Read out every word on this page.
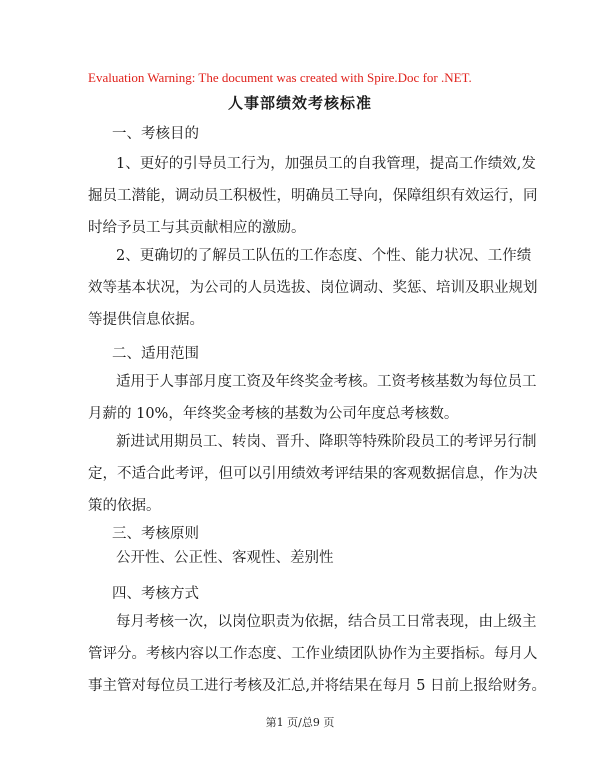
Evaluation Warning: The document was created with Spire.Doc for .NET.
人事部绩效考核标准
一、考核目的

1、更好的引导员工行为，加强员工的自我管理，提高工作绩效,发
掘员工潜能，调动员工积极性，明确员工导向，保障组织有效运行，同
时给予员工与其贡献相应的激励。

2、更确切的了解员工队伍的工作态度、个性、能力状况、工作绩
效等基本状况，为公司的人员选拔、岗位调动、奖惩、培训及职业规划
等提供信息依据。

二、适用范围

适用于人事部月度工资及年终奖金考核。工资考核基数为每位员工
月薪的 10%，年终奖金考核的基数为公司年度总考核数。

新进试用期员工、转岗、晋升、降职等特殊阶段员工的考评另行制
定，不适合此考评，但可以引用绩效考评结果的客观数据信息，作为决
策的依据。

三、考核原则

公开性、公正性、客观性、差别性

四、考核方式

每月考核一次，以岗位职责为依据，结合员工日常表现，由上级主
管评分。考核内容以工作态度、工作业绩团队协作为主要指标。每月人
事主管对每位员工进行考核及汇总,并将结果在每月 5 日前上报给财务。

第1 页/总9 页
